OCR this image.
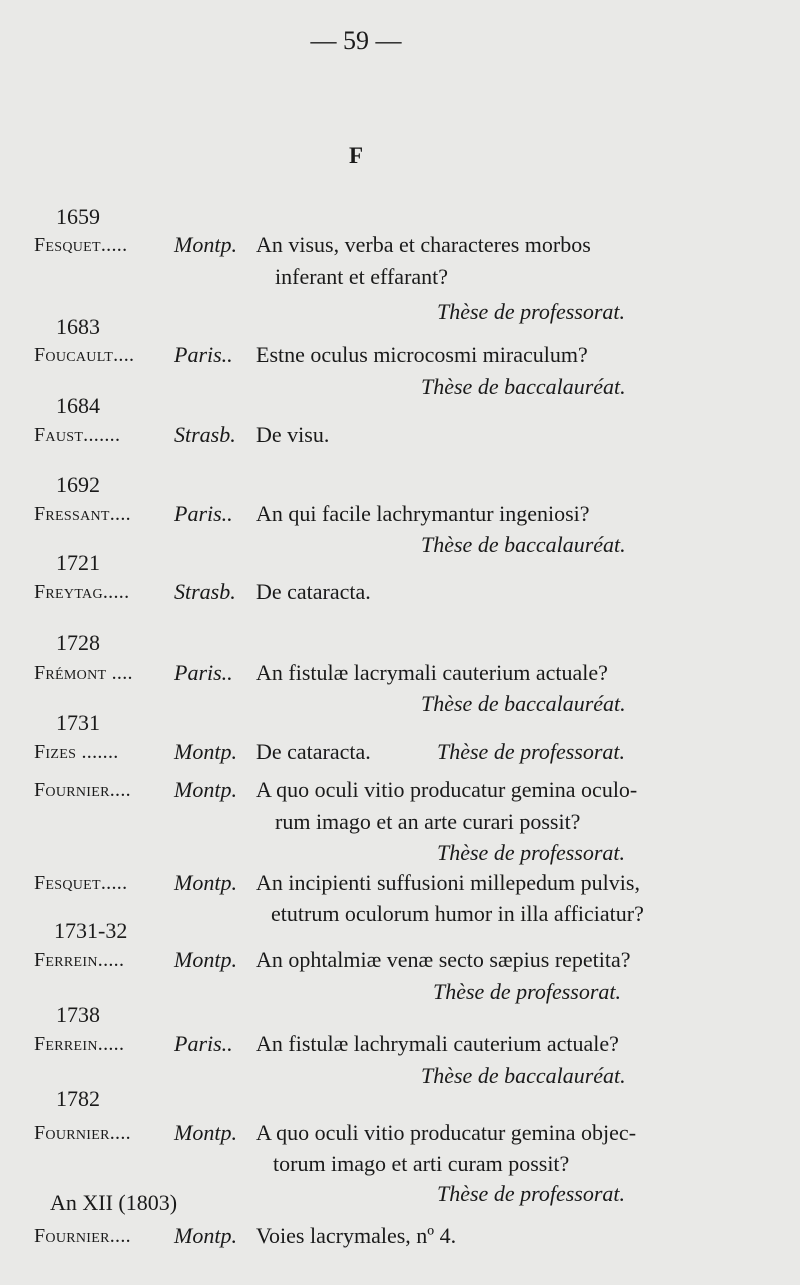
— 59 —
F
1659
Fesquet..... Montp. An visus, verba et characteres morbos
inferant et effarant?
Thèse de professorat.
1683
Foucault.... Paris.. Estne oculus microcosmi miraculum?
Thèse de baccalauréat.
1684
Faust....... Strasb. De visu.
1692
Fressant.... Paris.. An qui facile lachrymantur ingeniosi?
Thèse de baccalauréat.
1721
Freytag..... Strasb. De cataracta.
1728
Frémont .... Paris.. An fistulæ lacrymali cauterium actuale?
Thèse de baccalauréat.
1731
Fizes .......	Montp. De cataracta.	Thèse de professorat.
Fournier.... Montp. A quo oculi vitio producatur gemina oculo-
rum imago et an arte curari possit?
Thèse de professorat.
Fesquet..... Montp. An incipienti suffusioni millepedum pulvis,
etutrum oculorum humor in illa afficiatur?
1731-32
Ferrein..... Montp. An ophtalmiæ venæ secto sæpius repetita?
Thèse de professorat.
1738
Ferrein..... Paris.. An fistulæ lachrymali cauterium actuale?
Thèse de baccalauréat.
1782
Fournier.... Montp. A quo oculi vitio producatur gemina objec-
torum imago et arti curam possit?
Thèse de professorat.
An XII (1803)
Fournier.... Montp. Voies lacrymales, nº 4.
